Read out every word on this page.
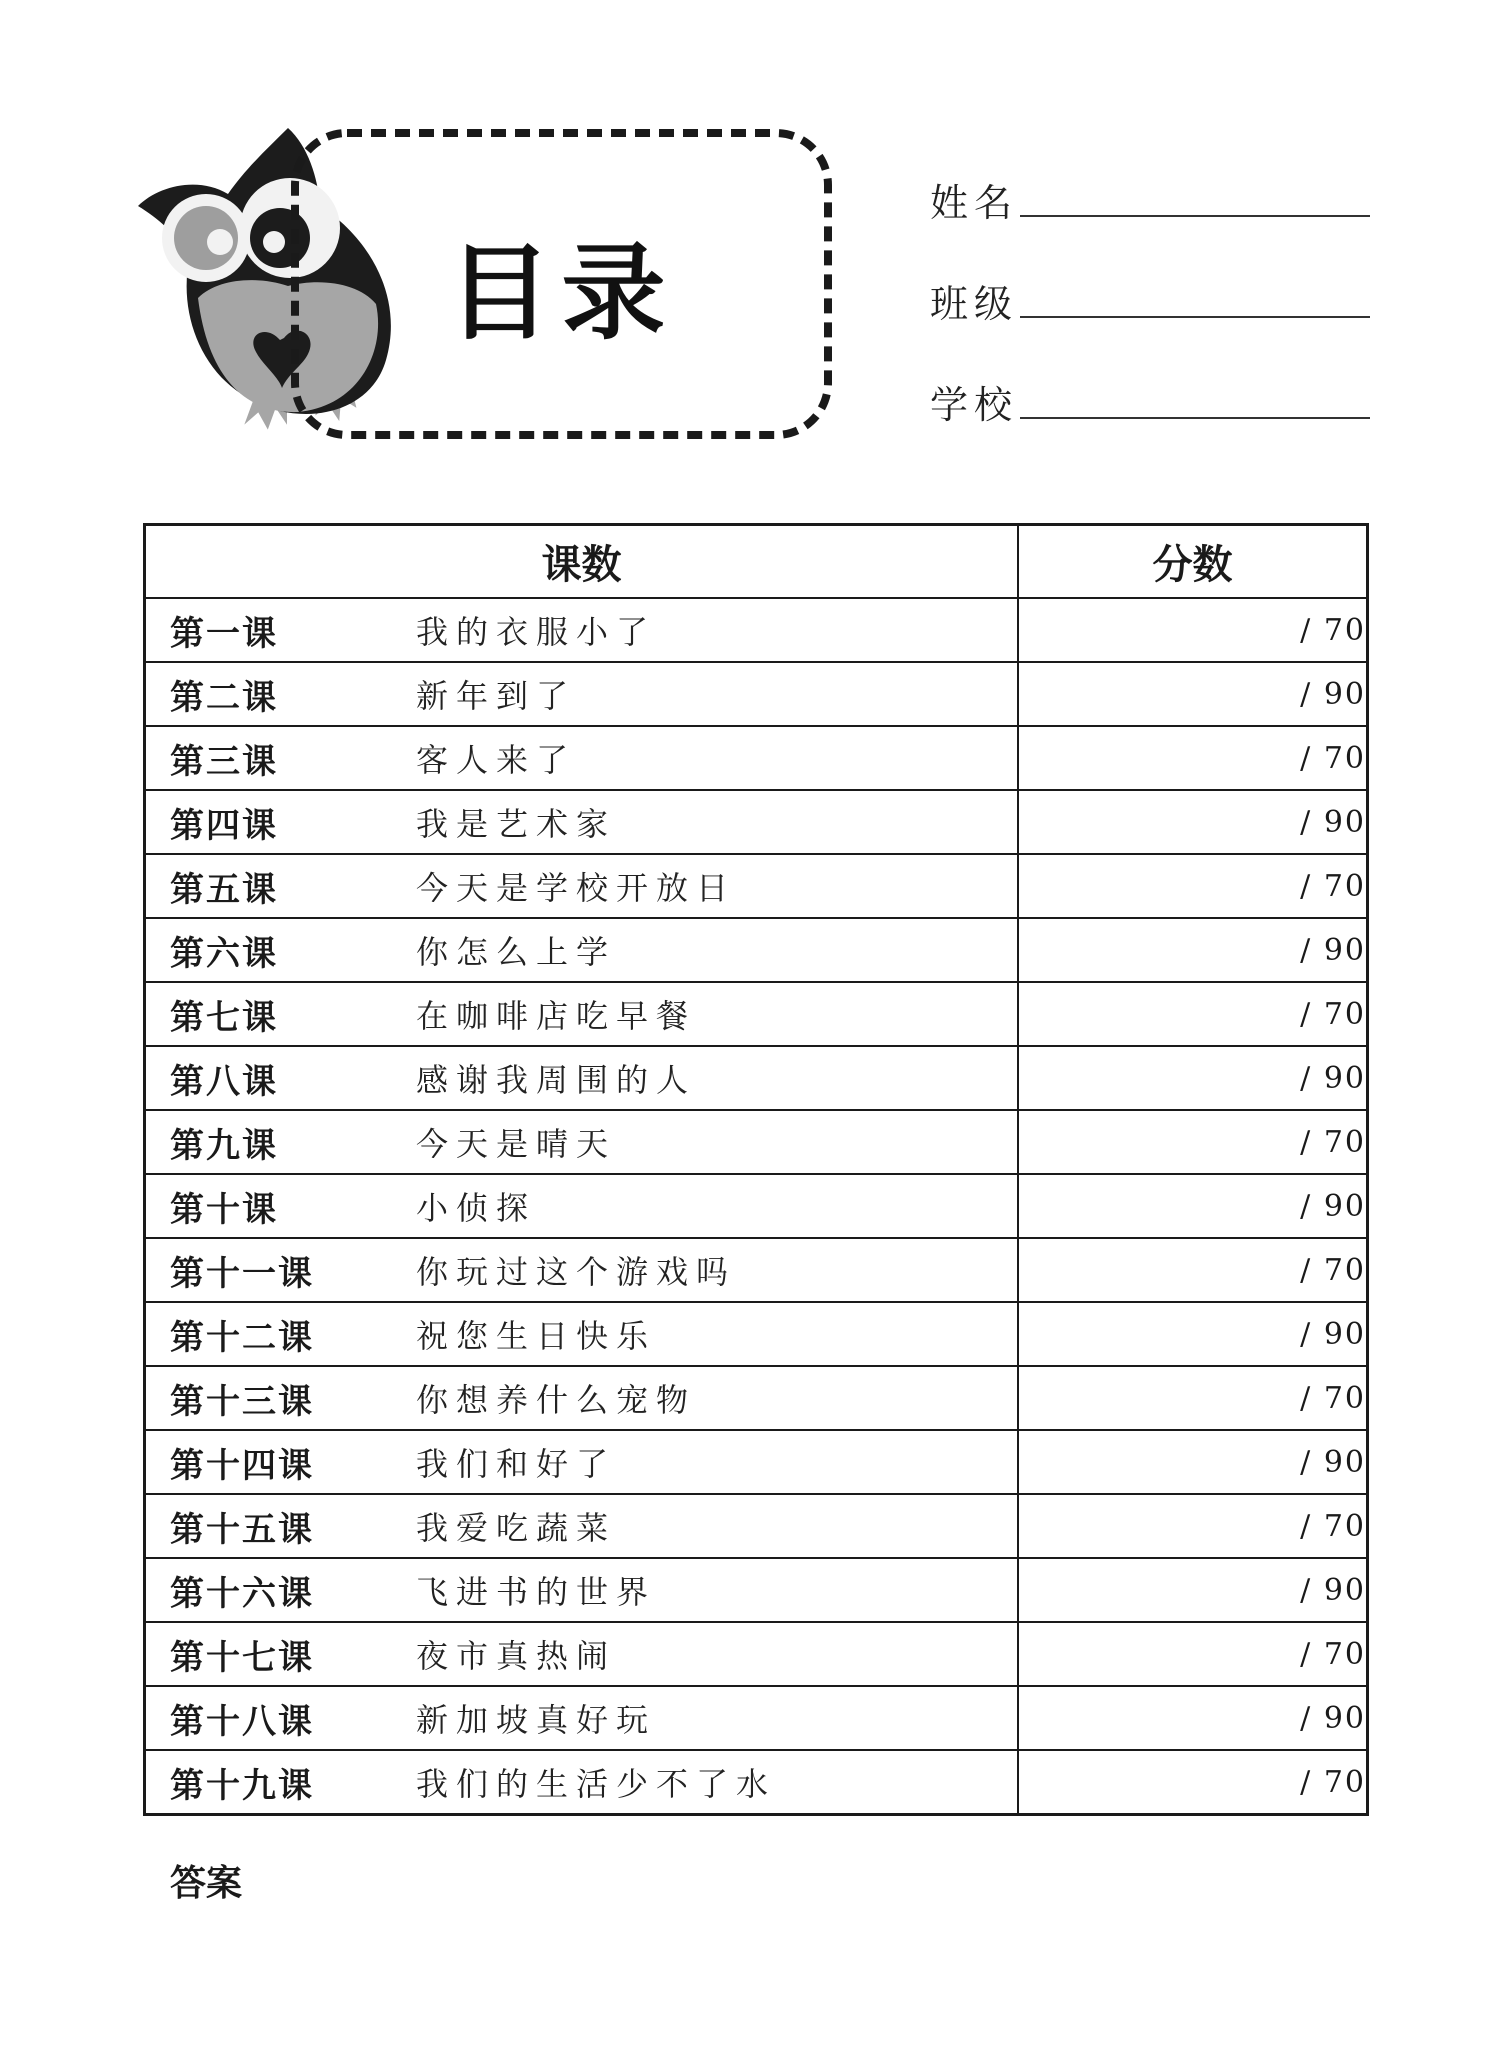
目录
姓名
班级
学校
课数	分数

第一课 我的衣服小了	/ 70

第二课 新年到了	/ 90

第三课 客人来了	/ 70

第四课 我是艺术家	/ 90

第五课 今天是学校开放日	/ 70

第六课 你怎么上学	/ 90

第七课 在咖啡店吃早餐	/ 70

第八课 感谢我周围的人	/ 90

第九课 今天是晴天	/ 70

第十课 小侦探	/ 90

第十一课 你玩过这个游戏吗	/ 70

第十二课 祝您生日快乐	/ 90

第十三课 你想养什么宠物	/ 70

第十四课 我们和好了	/ 90

第十五课 我爱吃蔬菜	/ 70

第十六课 飞进书的世界	/ 90

第十七课 夜市真热闹	/ 70

第十八课 新加坡真好玩	/ 90

第十九课 我们的生活少不了水	/ 70
答案
